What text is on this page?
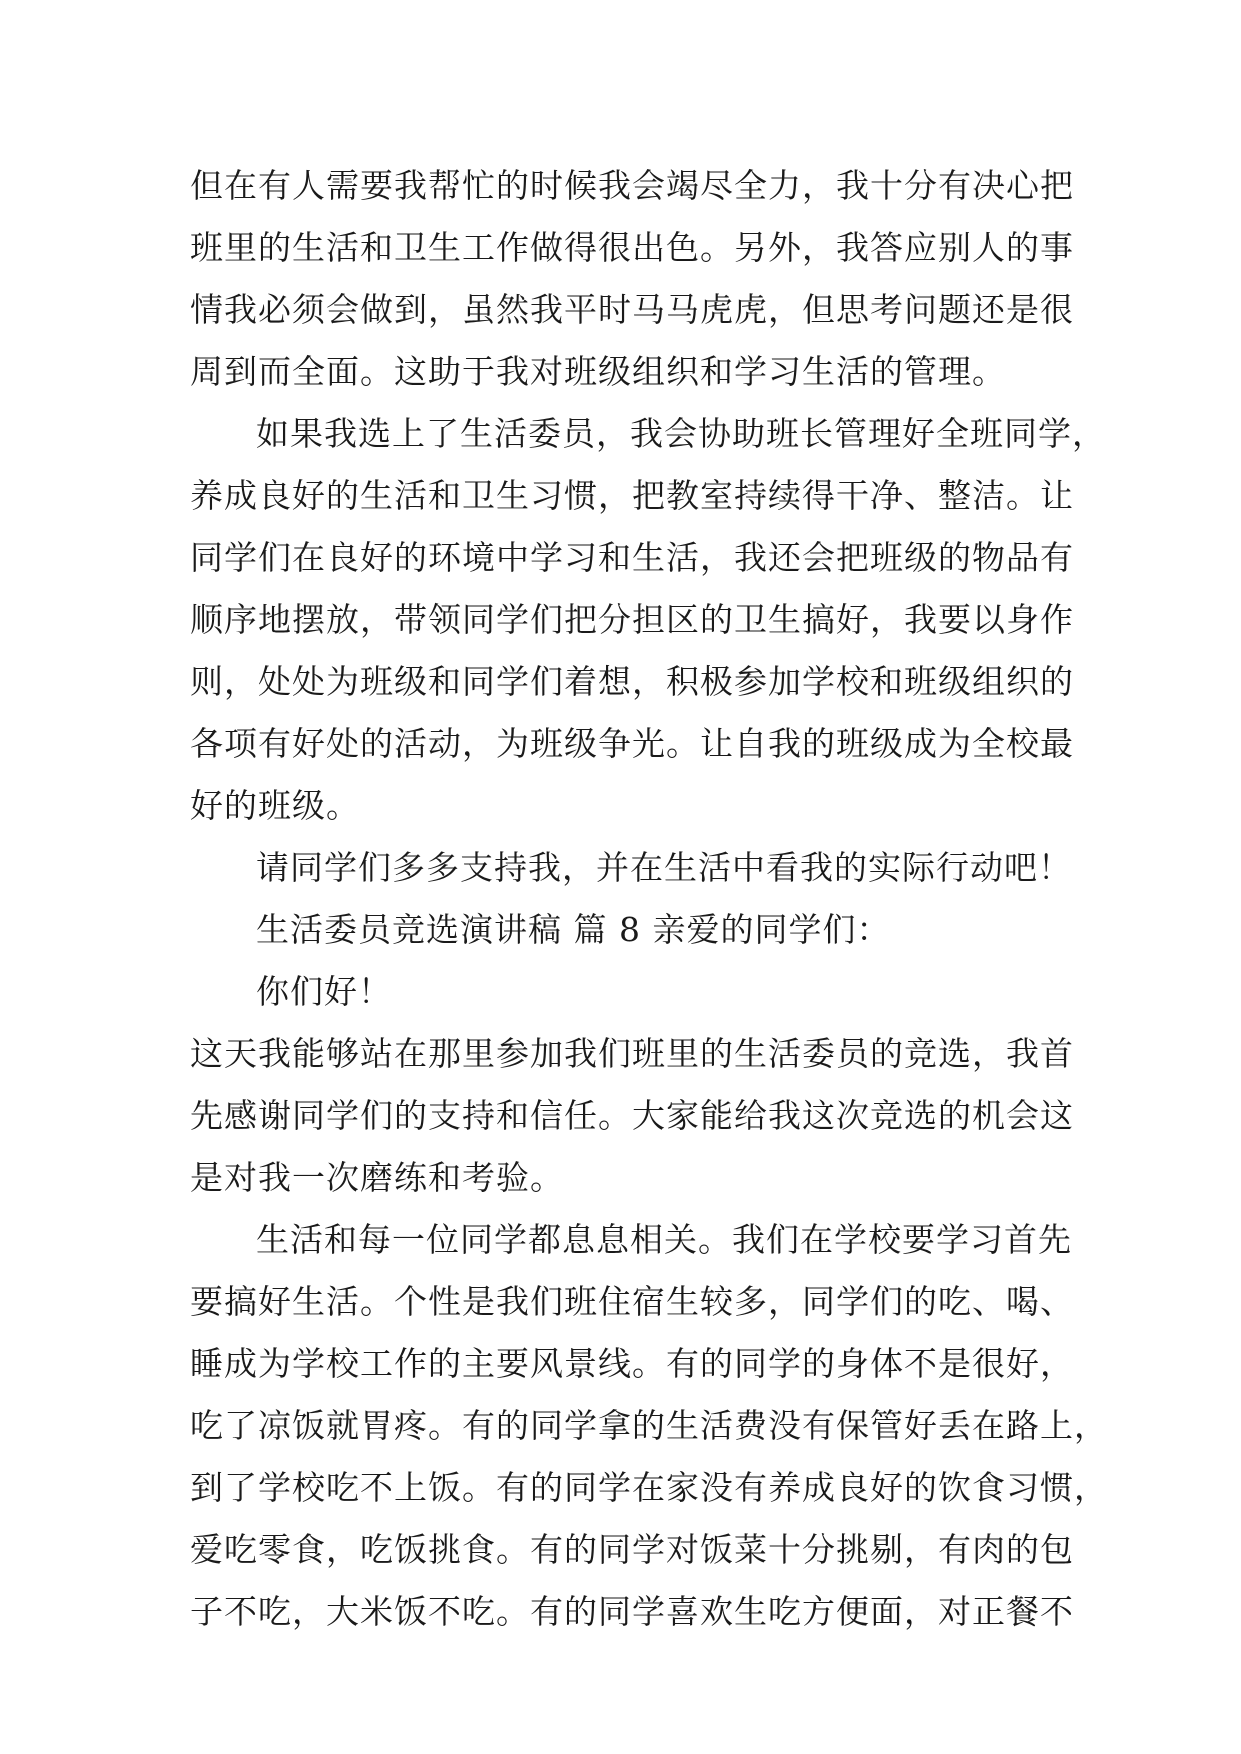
但在有人需要我帮忙的时候我会竭尽全力，我十分有决心把
班里的生活和卫生工作做得很出色。另外，我答应别人的事
情我必须会做到，虽然我平时马马虎虎，但思考问题还是很
周到而全面。这助于我对班级组织和学习生活的管理。
如果我选上了生活委员，我会协助班长管理好全班同学，
养成良好的生活和卫生习惯，把教室持续得干净、整洁。让
同学们在良好的环境中学习和生活，我还会把班级的物品有
顺序地摆放，带领同学们把分担区的卫生搞好，我要以身作
则，处处为班级和同学们着想，积极参加学校和班级组织的
各项有好处的活动，为班级争光。让自我的班级成为全校最
好的班级。
请同学们多多支持我，并在生活中看我的实际行动吧！
生活委员竞选演讲稿 篇 8 亲爱的同学们：
你们好！
这天我能够站在那里参加我们班里的生活委员的竞选，我首
先感谢同学们的支持和信任。大家能给我这次竞选的机会这
是对我一次磨练和考验。
生活和每一位同学都息息相关。我们在学校要学习首先
要搞好生活。个性是我们班住宿生较多，同学们的吃、喝、
睡成为学校工作的主要风景线。有的同学的身体不是很好，
吃了凉饭就胃疼。有的同学拿的生活费没有保管好丢在路上，
到了学校吃不上饭。有的同学在家没有养成良好的饮食习惯，
爱吃零食，吃饭挑食。有的同学对饭菜十分挑剔，有肉的包
子不吃，大米饭不吃。有的同学喜欢生吃方便面，对正餐不
